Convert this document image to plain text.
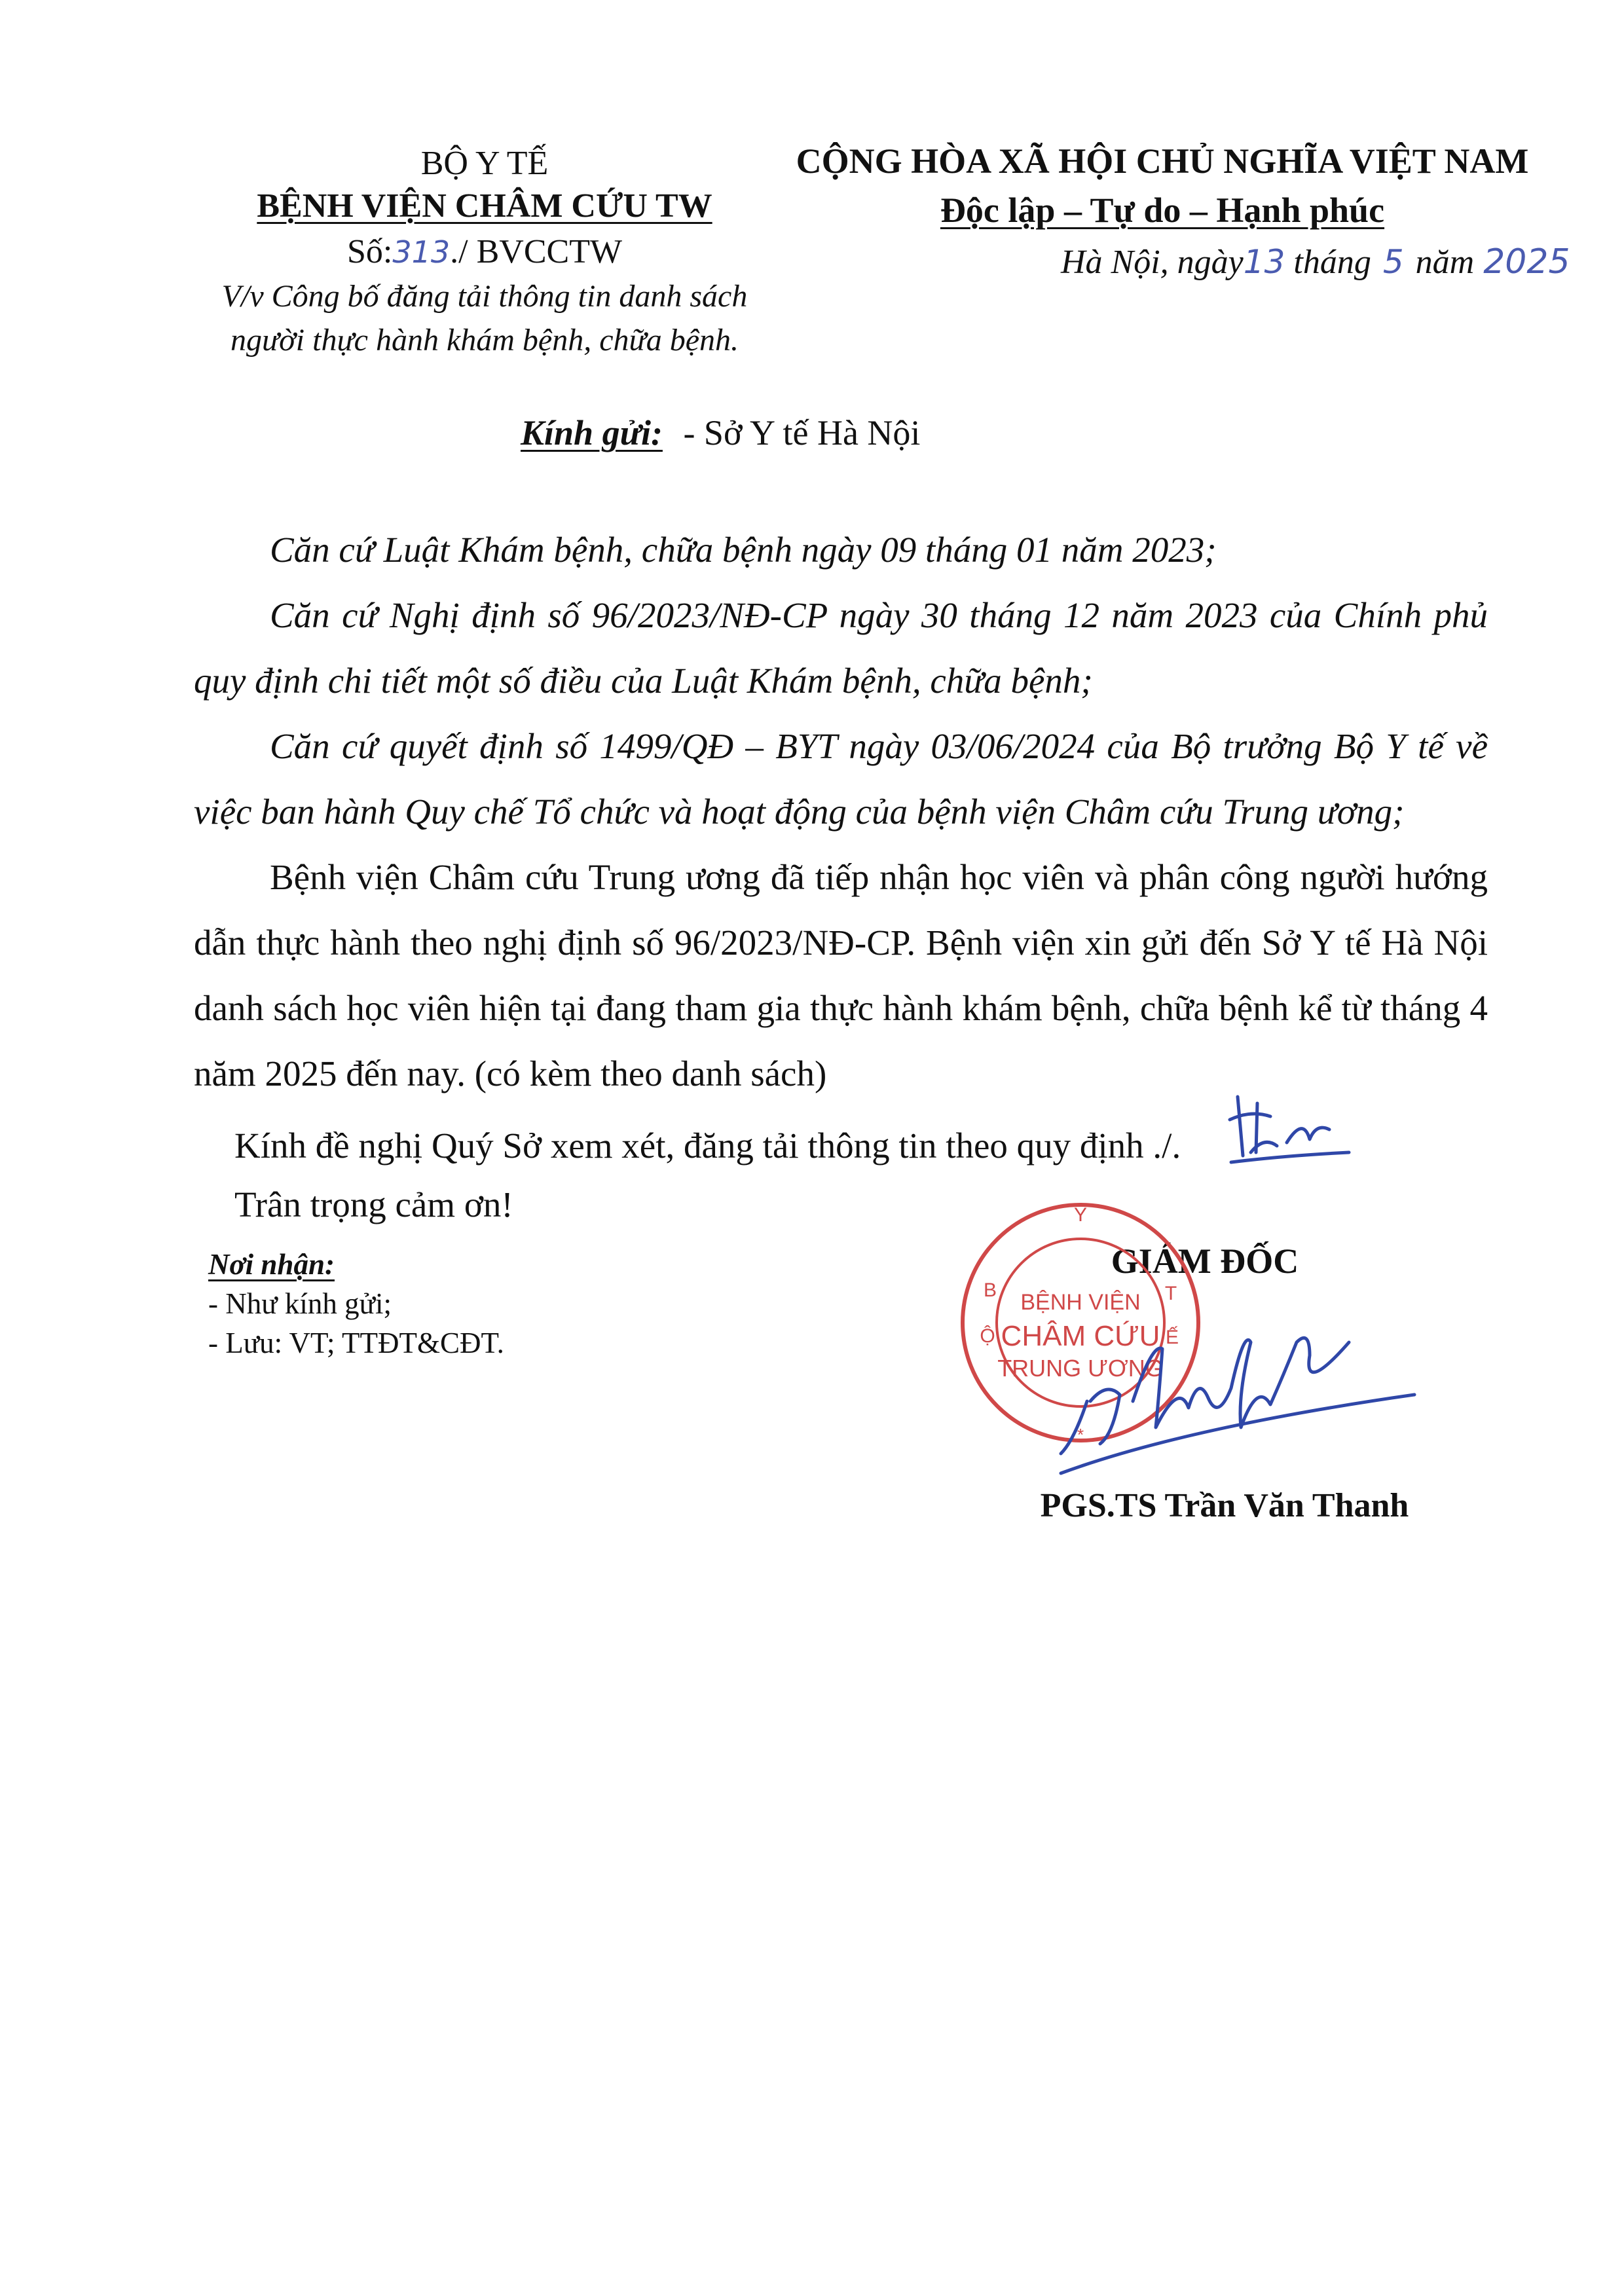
BỘ Y TẾ
BỆNH VIỆN CHÂM CỨU TW
Số:313./ BVCCTW
V/v Công bố đăng tải thông tin danh sách
người thực hành khám bệnh, chữa bệnh.
CỘNG HÒA XÃ HỘI CHỦ NGHĨA VIỆT NAM
Độc lập – Tự do – Hạnh phúc
Hà Nội, ngày13 tháng 5 năm 2025
Kính gửi: - Sở Y tế Hà Nội
Căn cứ Luật Khám bệnh, chữa bệnh ngày 09 tháng 01 năm 2023;
Căn cứ Nghị định số 96/2023/NĐ-CP ngày 30 tháng 12 năm 2023 của Chính phủ quy định chi tiết một số điều của Luật Khám bệnh, chữa bệnh;
Căn cứ quyết định số 1499/QĐ – BYT ngày 03/06/2024 của Bộ trưởng Bộ Y tế về việc ban hành Quy chế Tổ chức và hoạt động của bệnh viện Châm cứu Trung ương;
Bệnh viện Châm cứu Trung ương đã tiếp nhận học viên và phân công người hướng dẫn thực hành theo nghị định số 96/2023/NĐ-CP. Bệnh viện xin gửi đến Sở Y tế Hà Nội danh sách học viên hiện tại đang tham gia thực hành khám bệnh, chữa bệnh kể từ tháng 4 năm 2025 đến nay. (có kèm theo danh sách)
Kính đề nghị Quý Sở xem xét, đăng tải thông tin theo quy định ./.
Trân trọng cảm ơn!
Nơi nhận:
- Như kính gửi;
- Lưu: VT; TTĐT&CĐT.
GIÁM ĐỐC
Y
B
Ộ
T
Ế
*
BỆNH VIỆN
CHÂM CỨU
TRUNG ƯƠNG
PGS.TS Trần Văn Thanh
